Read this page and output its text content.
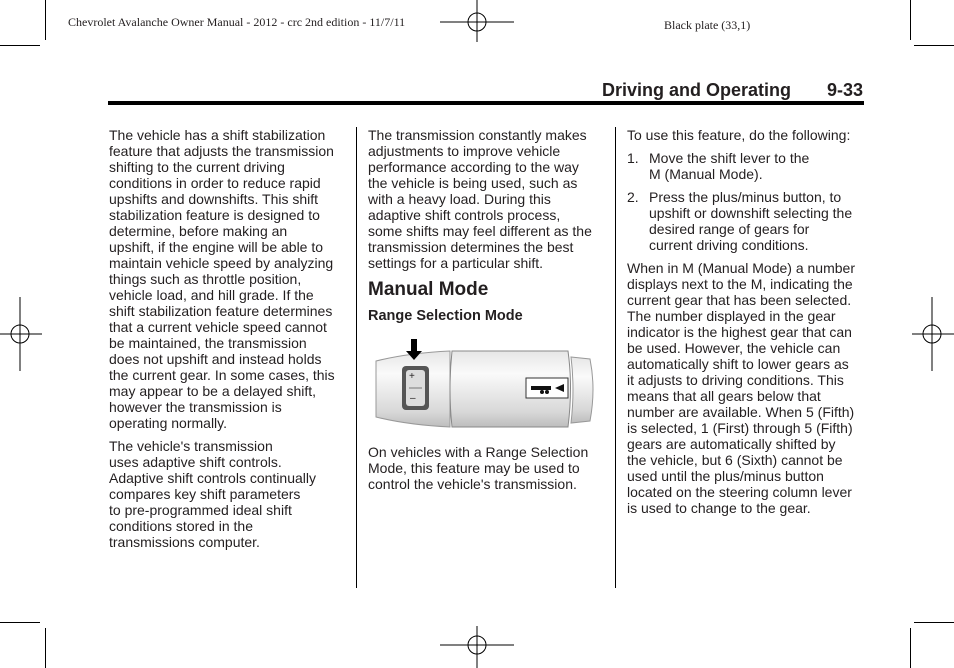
Chevrolet Avalanche Owner Manual - 2012 - crc 2nd edition - 11/7/11	Black plate (33,1)
Driving and Operating 9-33

The vehicle has a shift stabilization
feature that adjusts the transmission
shifting to the current driving
conditions in order to reduce rapid
upshifts and downshifts. This shift
stabilization feature is designed to
determine, before making an
upshift, if the engine will be able to
maintain vehicle speed by analyzing
things such as throttle position,
vehicle load, and hill grade. If the
shift stabilization feature determines
that a current vehicle speed cannot
be maintained, the transmission
does not upshift and instead holds
the current gear. In some cases, this
may appear to be a delayed shift,
however the transmission is
operating normally.

The vehicle's transmission
uses adaptive shift controls.
Adaptive shift controls continually
compares key shift parameters
to pre-programmed ideal shift
conditions stored in the
transmissions computer.

The transmission constantly makes
adjustments to improve vehicle
performance according to the way
the vehicle is being used, such as
with a heavy load. During this
adaptive shift controls process,
some shifts may feel different as the
transmission determines the best
settings for a particular shift.

Manual Mode
Range Selection Mode
+
–

On vehicles with a Range Selection
Mode, this feature may be used to
control the vehicle's transmission.

To use this feature, do the following:

1. Move the shift lever to the
M (Manual Mode).
2. Press the plus/minus button, to
upshift or downshift selecting the
desired range of gears for
current driving conditions.

When in M (Manual Mode) a number
displays next to the M, indicating the
current gear that has been selected.
The number displayed in the gear
indicator is the highest gear that can
be used. However, the vehicle can
automatically shift to lower gears as
it adjusts to driving conditions. This
means that all gears below that
number are available. When 5 (Fifth)
is selected, 1 (First) through 5 (Fifth)
gears are automatically shifted by
the vehicle, but 6 (Sixth) cannot be
used until the plus/minus button
located on the steering column lever
is used to change to the gear.
